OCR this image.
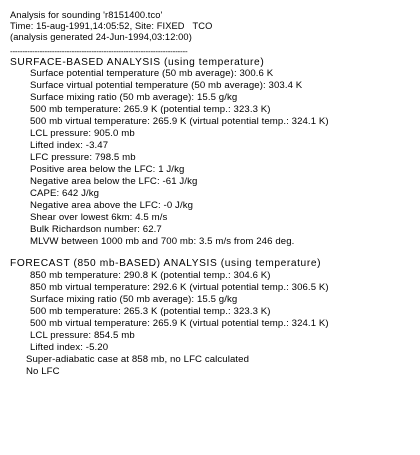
Analysis for sounding 'r8151400.tco'
Time: 15-aug-1991,14:05:52, Site: FIXED   TCO
(analysis generated 24-Jun-1994,03:12:00)
------------------------------------------------------------------------
SURFACE-BASED ANALYSIS (using temperature)
Surface potential temperature (50 mb average): 300.6 K
Surface virtual potential temperature (50 mb average): 303.4 K
Surface mixing ratio (50 mb average): 15.5 g/kg
500 mb temperature: 265.9 K (potential temp.: 323.3 K)
500 mb virtual temperature: 265.9 K (virtual potential temp.: 324.1 K)
LCL pressure: 905.0 mb
Lifted index: -3.47
LFC pressure: 798.5 mb
Positive area below the LFC: 1 J/kg
Negative area below the LFC: -61 J/kg
CAPE: 642 J/kg
Negative area above the LFC: -0 J/kg
Shear over lowest 6km: 4.5 m/s
Bulk Richardson number: 62.7
MLVW between 1000 mb and 700 mb: 3.5 m/s from 246 deg.
FORECAST (850 mb-BASED) ANALYSIS (using temperature)
850 mb temperature: 290.8 K (potential temp.: 304.6 K)
850 mb virtual temperature: 292.6 K (virtual potential temp.: 306.5 K)
Surface mixing ratio (50 mb average): 15.5 g/kg
500 mb temperature: 265.3 K (potential temp.: 323.3 K)
500 mb virtual temperature: 265.9 K (virtual potential temp.: 324.1 K)
LCL pressure: 854.5 mb
Lifted index: -5.20
Super-adiabatic case at 858 mb, no LFC calculated
No LFC
